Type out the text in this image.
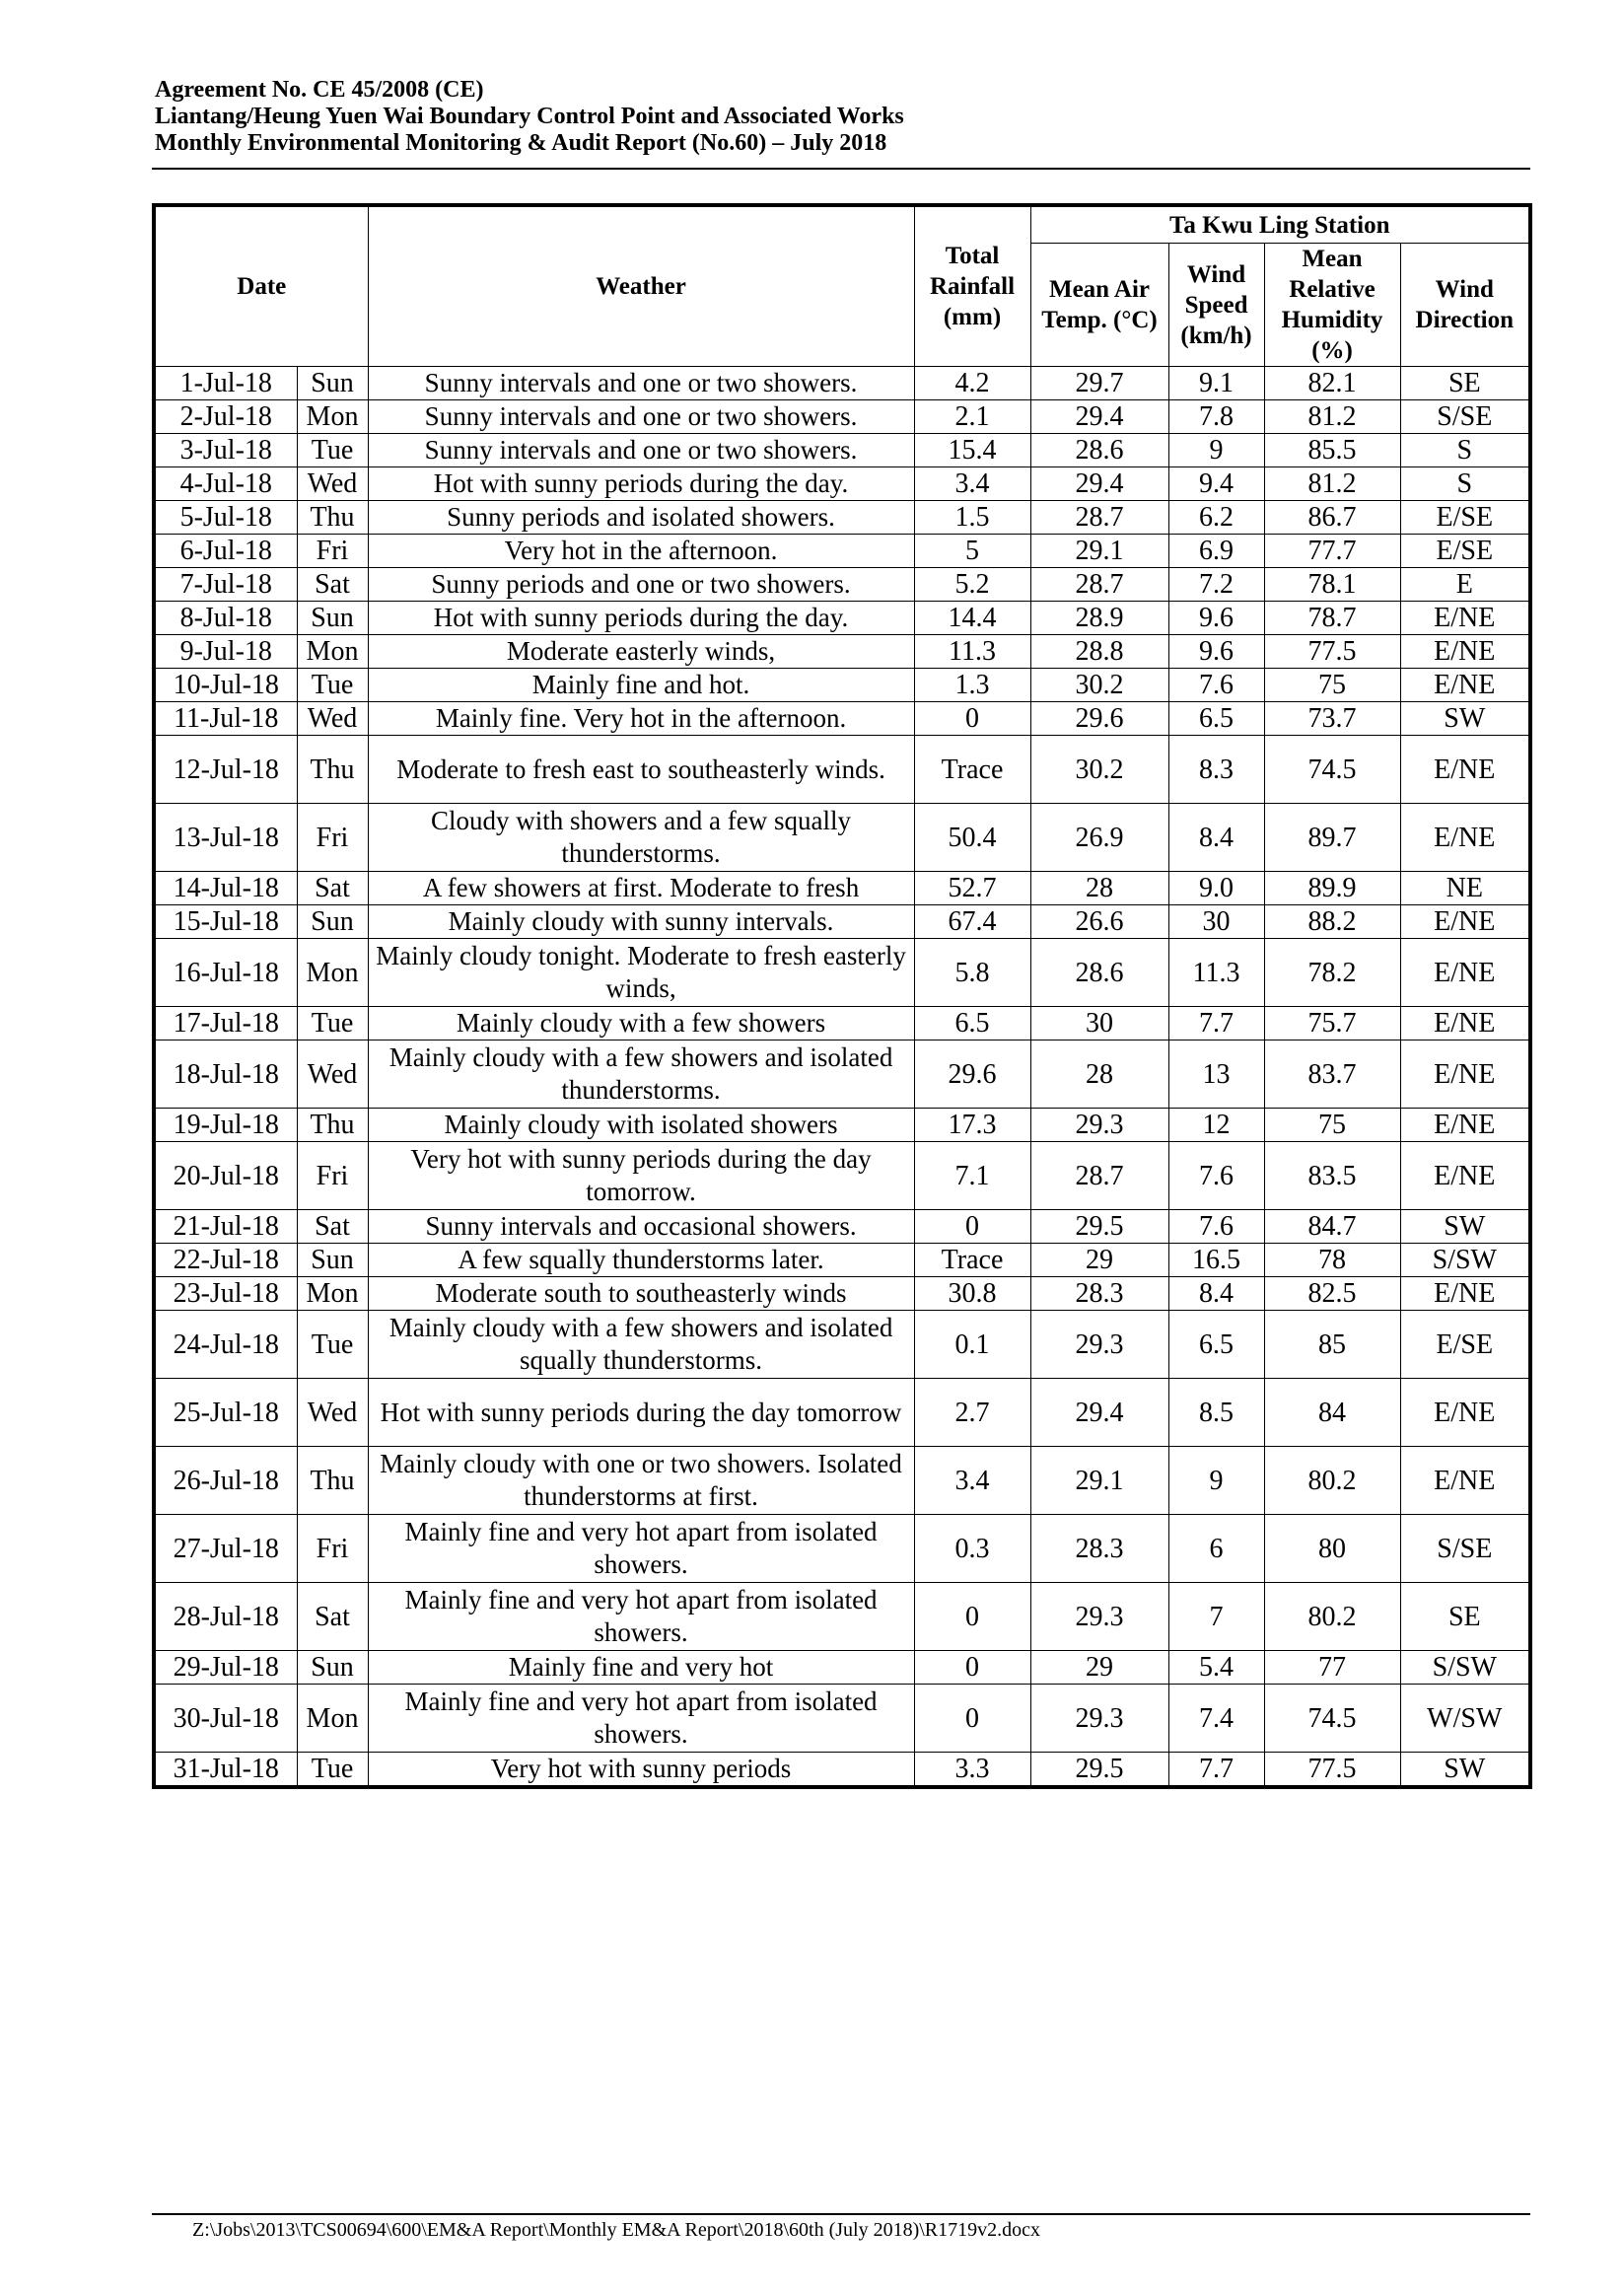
Agreement No. CE 45/2008 (CE)
Liantang/Heung Yuen Wai Boundary Control Point and Associated Works
Monthly Environmental Monitoring & Audit Report (No.60) – July 2018
Date		Weather	Total Rainfall (mm)	Ta Kwu Ling Station			
				Mean Air Temp. (°C)	Wind Speed (km/h)	Mean Relative Humidity (%)	Wind Direction
1-Jul-18	Sun	Sunny intervals and one or two showers.	4.2	29.7	9.1	82.1	SE
2-Jul-18	Mon	Sunny intervals and one or two showers.	2.1	29.4	7.8	81.2	S/SE
3-Jul-18	Tue	Sunny intervals and one or two showers.	15.4	28.6	9	85.5	S
4-Jul-18	Wed	Hot with sunny periods during the day.	3.4	29.4	9.4	81.2	S
5-Jul-18	Thu	Sunny periods and isolated showers.	1.5	28.7	6.2	86.7	E/SE
6-Jul-18	Fri	Very hot in the afternoon.	5	29.1	6.9	77.7	E/SE
7-Jul-18	Sat	Sunny periods and one or two showers.	5.2	28.7	7.2	78.1	E
8-Jul-18	Sun	Hot with sunny periods during the day.	14.4	28.9	9.6	78.7	E/NE
9-Jul-18	Mon	Moderate easterly winds,	11.3	28.8	9.6	77.5	E/NE
10-Jul-18	Tue	Mainly fine and hot.	1.3	30.2	7.6	75	E/NE
11-Jul-18	Wed	Mainly fine. Very hot in the afternoon.	0	29.6	6.5	73.7	SW
12-Jul-18	Thu	Moderate to fresh east to southeasterly winds.	Trace	30.2	8.3	74.5	E/NE
13-Jul-18	Fri	Cloudy with showers and a few squally thunderstorms.	50.4	26.9	8.4	89.7	E/NE
14-Jul-18	Sat	A few showers at first. Moderate to fresh	52.7	28	9.0	89.9	NE
15-Jul-18	Sun	Mainly cloudy with sunny intervals.	67.4	26.6	30	88.2	E/NE
16-Jul-18	Mon	Mainly cloudy tonight. Moderate to fresh easterly winds,	5.8	28.6	11.3	78.2	E/NE
17-Jul-18	Tue	Mainly cloudy with a few showers	6.5	30	7.7	75.7	E/NE
18-Jul-18	Wed	Mainly cloudy with a few showers and isolated thunderstorms.	29.6	28	13	83.7	E/NE
19-Jul-18	Thu	Mainly cloudy with isolated showers	17.3	29.3	12	75	E/NE
20-Jul-18	Fri	Very hot with sunny periods during the day tomorrow.	7.1	28.7	7.6	83.5	E/NE
21-Jul-18	Sat	Sunny intervals and occasional showers.	0	29.5	7.6	84.7	SW
22-Jul-18	Sun	A few squally thunderstorms later.	Trace	29	16.5	78	S/SW
23-Jul-18	Mon	Moderate south to southeasterly winds	30.8	28.3	8.4	82.5	E/NE
24-Jul-18	Tue	Mainly cloudy with a few showers and isolated squally thunderstorms.	0.1	29.3	6.5	85	E/SE
25-Jul-18	Wed	Hot with sunny periods during the day tomorrow	2.7	29.4	8.5	84	E/NE
26-Jul-18	Thu	Mainly cloudy with one or two showers. Isolated thunderstorms at first.	3.4	29.1	9	80.2	E/NE
27-Jul-18	Fri	Mainly fine and very hot apart from isolated showers.	0.3	28.3	6	80	S/SE
28-Jul-18	Sat	Mainly fine and very hot apart from isolated showers.	0	29.3	7	80.2	SE
29-Jul-18	Sun	Mainly fine and very hot	0	29	5.4	77	S/SW
30-Jul-18	Mon	Mainly fine and very hot apart from isolated showers.	0	29.3	7.4	74.5	W/SW
31-Jul-18	Tue	Very hot with sunny periods	3.3	29.5	7.7	77.5	SW
Z:\Jobs\2013\TCS00694\600\EM&A Report\Monthly EM&A Report\2018\60th (July 2018)\R1719v2.docx
